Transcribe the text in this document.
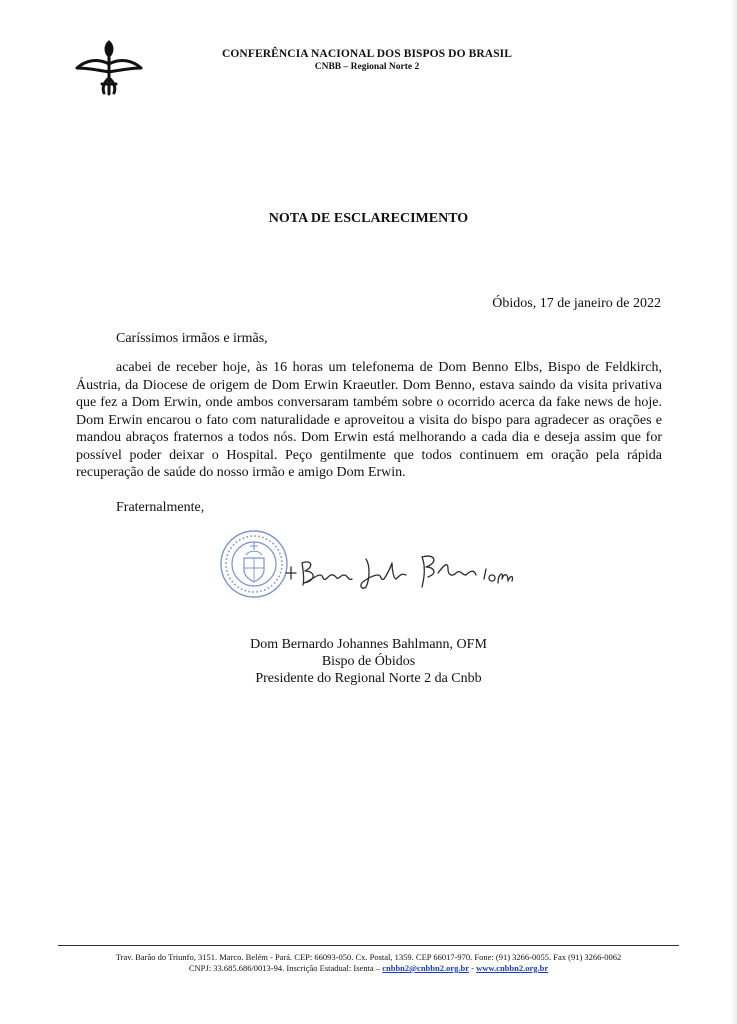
CONFERÊNCIA NACIONAL DOS BISPOS DO BRASIL
CNBB – Regional Norte 2
NOTA DE ESCLARECIMENTO
Óbidos, 17 de janeiro de 2022
Caríssimos irmãos e irmãs,
acabei de receber hoje, às 16 horas um telefonema de Dom Benno Elbs, Bispo de Feldkirch, Áustria, da Diocese de origem de Dom Erwin Kraeutler. Dom Benno, estava saindo da visita privativa que fez a Dom Erwin, onde ambos conversaram também sobre o ocorrido acerca da fake news de hoje. Dom Erwin encarou o fato com naturalidade e aproveitou a visita do bispo para agradecer as orações e mandou abraços fraternos a todos nós. Dom Erwin está melhorando a cada dia e deseja assim que for possível poder deixar o Hospital. Peço gentilmente que todos continuem em oração pela rápida recuperação de saúde do nosso irmão e amigo Dom Erwin.
Fraternalmente,
Dom Bernardo Johannes Bahlmann, OFM
Bispo de Óbidos
Presidente do Regional Norte 2 da Cnbb
Trav. Barão do Triunfo, 3151. Marco. Belém - Pará. CEP: 66093-050. Cx. Postal, 1359. CEP 66017-970. Fone: (91) 3266-0055. Fax (91) 3266-0062
CNPJ: 33.685.686/0013-94. Inscrição Estadual: Isenta – cnbbn2@cnbbn2.org.br - www.cnbbn2.org.br
